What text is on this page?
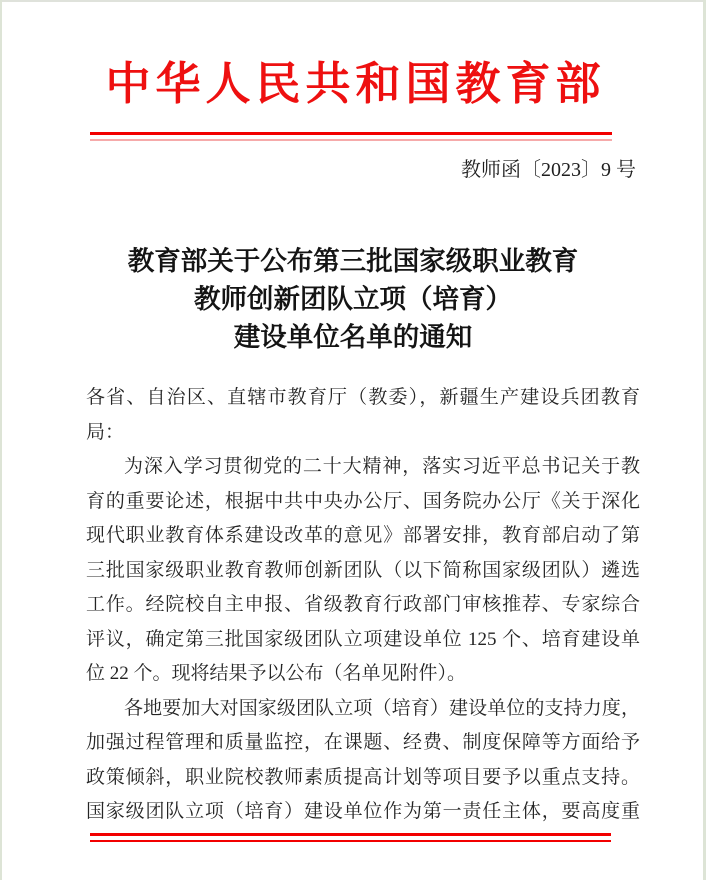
中华人民共和国教育部
教师函〔2023〕9 号
教育部关于公布第三批国家级职业教育
教师创新团队立项（培育）
建设单位名单的通知
各省、自治区、直辖市教育厅（教委），新疆生产建设兵团教育
局：
为深入学习贯彻党的二十大精神，落实习近平总书记关于教
育的重要论述，根据中共中央办公厅、国务院办公厅《关于深化
现代职业教育体系建设改革的意见》部署安排，教育部启动了第
三批国家级职业教育教师创新团队（以下简称国家级团队）遴选
工作。经院校自主申报、省级教育行政部门审核推荐、专家综合
评议，确定第三批国家级团队立项建设单位 125 个、培育建设单
位 22 个。现将结果予以公布（名单见附件）。
各地要加大对国家级团队立项（培育）建设单位的支持力度，
加强过程管理和质量监控，在课题、经费、制度保障等方面给予
政策倾斜，职业院校教师素质提高计划等项目要予以重点支持。
国家级团队立项（培育）建设单位作为第一责任主体，要高度重
